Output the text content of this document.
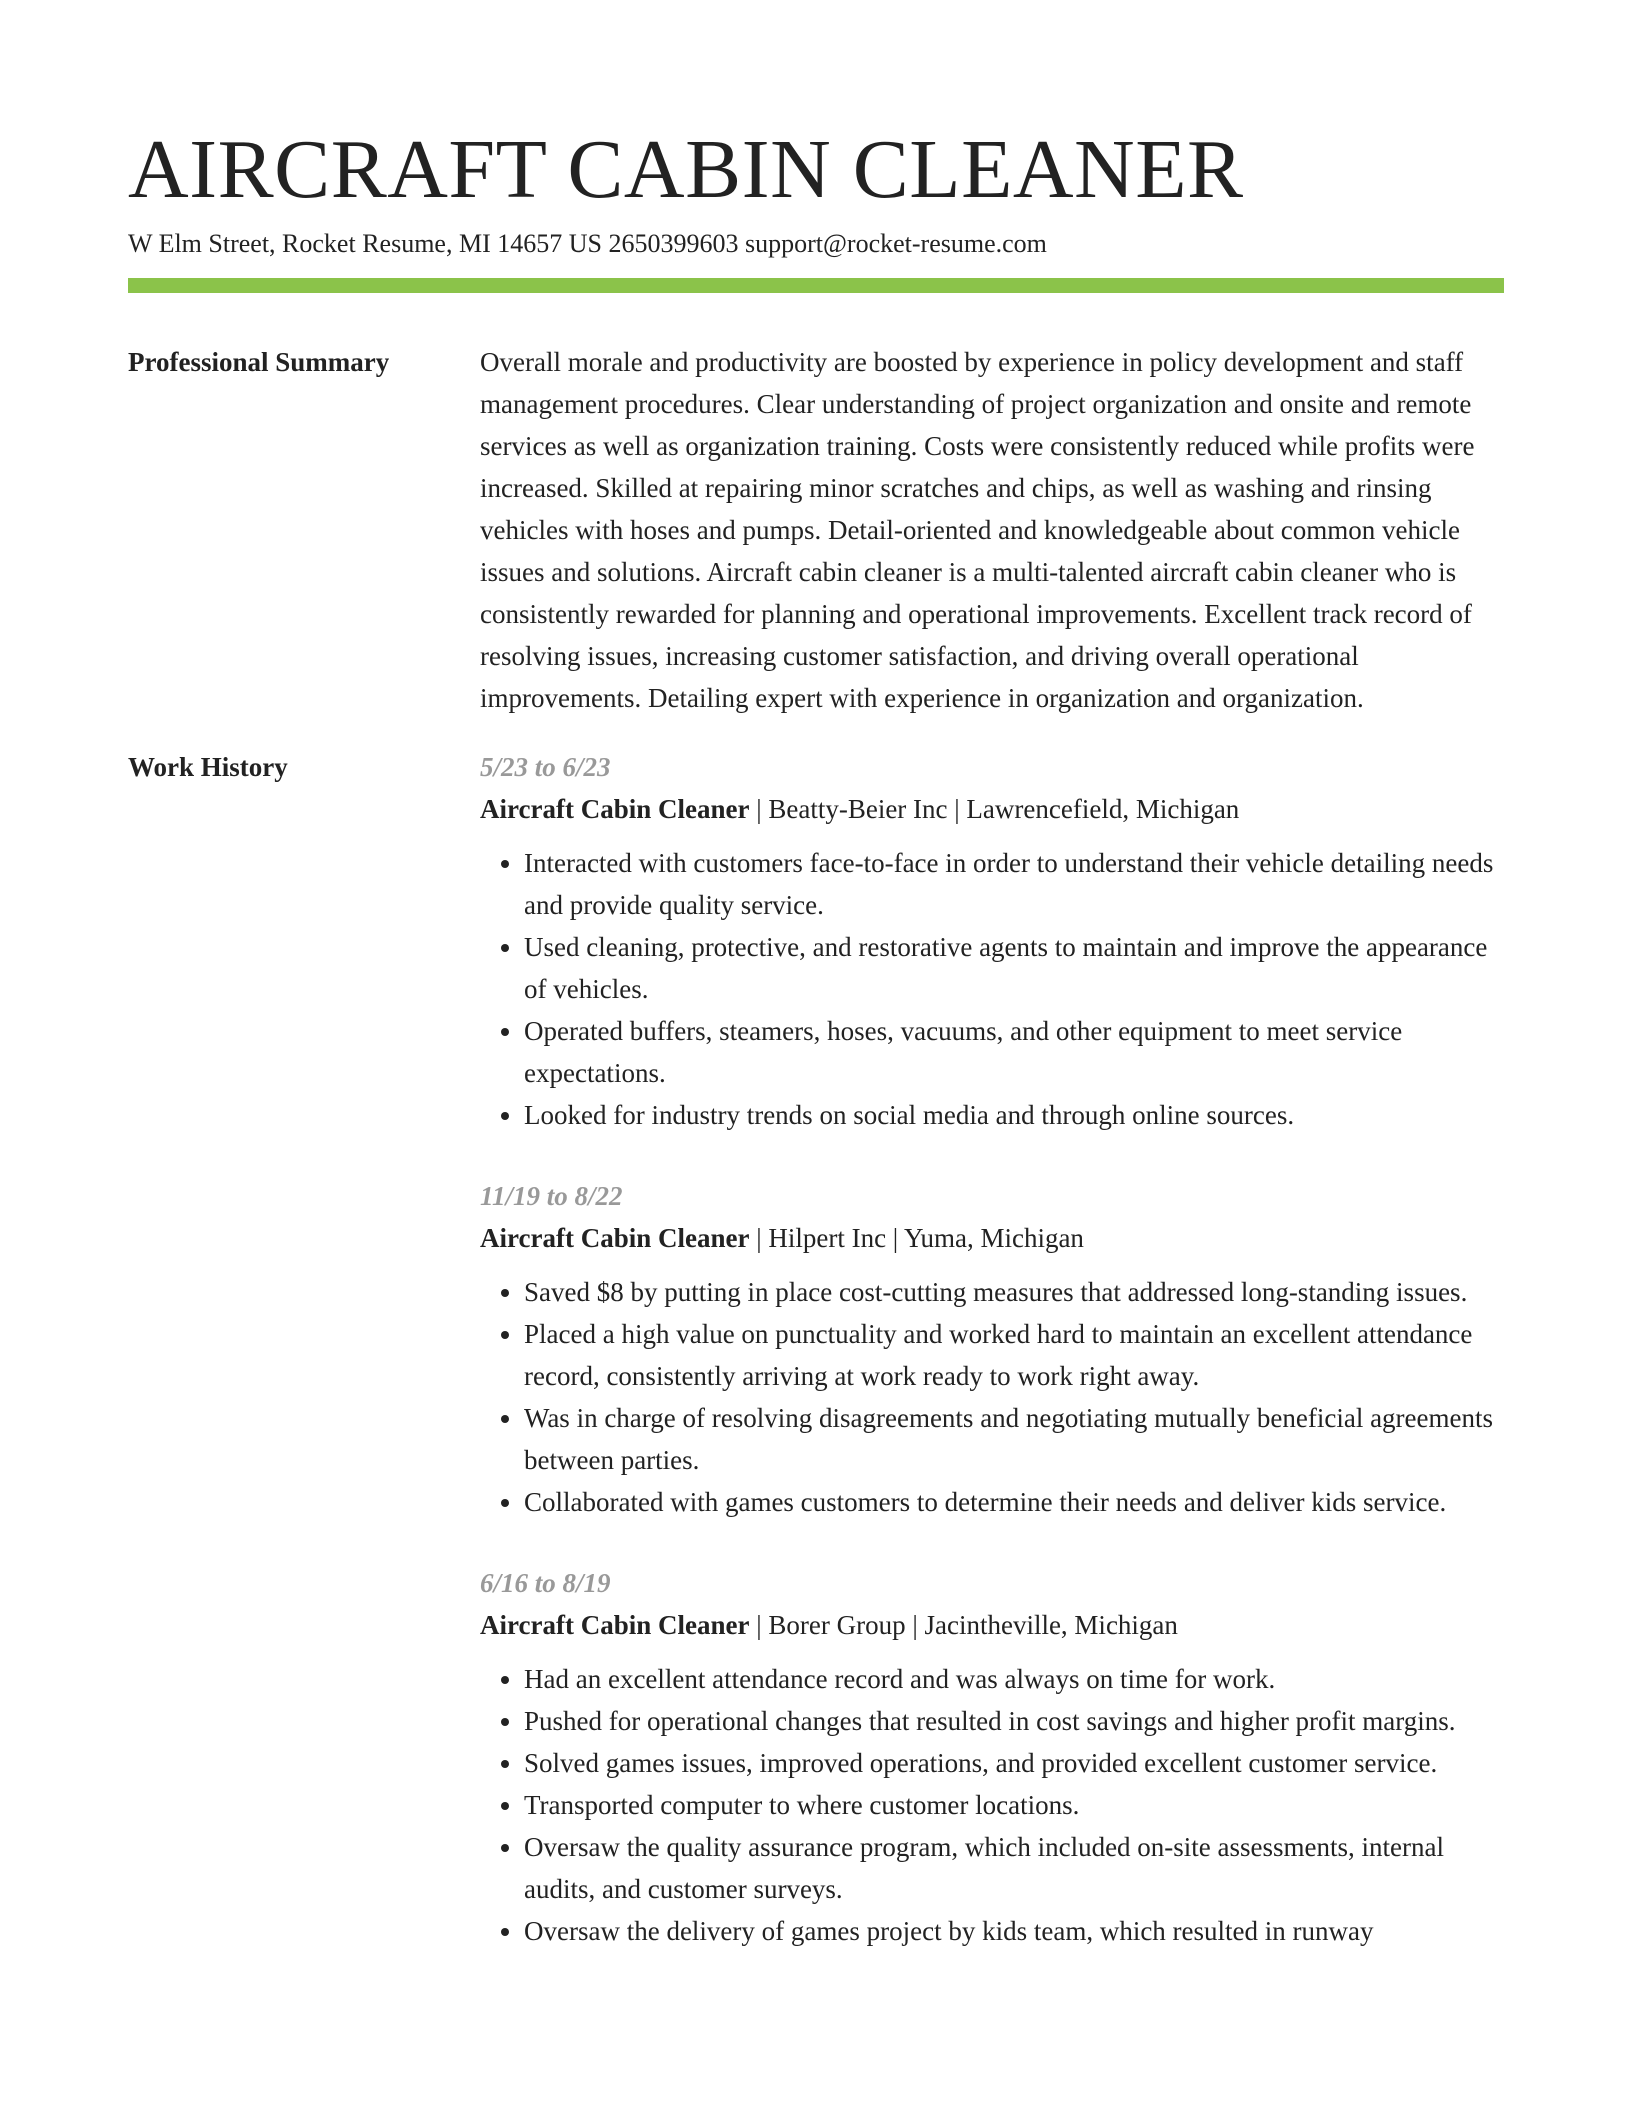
AIRCRAFT CABIN CLEANER
W Elm Street, Rocket Resume, MI 14657 US 2650399603 support@rocket-resume.com
Professional Summary	Overall morale and productivity are boosted by experience in policy development and staff management procedures. Clear understanding of project organization and onsite and remote services as well as organization training. Costs were consistently reduced while profits were increased. Skilled at repairing minor scratches and chips, as well as washing and rinsing vehicles with hoses and pumps. Detail-oriented and knowledgeable about common vehicle issues and solutions. Aircraft cabin cleaner is a multi-talented aircraft cabin cleaner who is consistently rewarded for planning and operational improvements. Excellent track record of resolving issues, increasing customer satisfaction, and driving overall operational improvements. Detailing expert with experience in organization and organization.

Work History	5/23 to 6/23
Aircraft Cabin Cleaner | Beatty-Beier Inc | Lawrencefield, Michigan
• Interacted with customers face-to-face in order to understand their vehicle detailing needs and provide quality service.
• Used cleaning, protective, and restorative agents to maintain and improve the appearance of vehicles.
• Operated buffers, steamers, hoses, vacuums, and other equipment to meet service expectations.
• Looked for industry trends on social media and through online sources.
11/19 to 8/22
Aircraft Cabin Cleaner | Hilpert Inc | Yuma, Michigan
• Saved $8 by putting in place cost-cutting measures that addressed long-standing issues.
• Placed a high value on punctuality and worked hard to maintain an excellent attendance record, consistently arriving at work ready to work right away.
• Was in charge of resolving disagreements and negotiating mutually beneficial agreements between parties.
• Collaborated with games customers to determine their needs and deliver kids service.
6/16 to 8/19
Aircraft Cabin Cleaner | Borer Group | Jacintheville, Michigan
• Had an excellent attendance record and was always on time for work.
• Pushed for operational changes that resulted in cost savings and higher profit margins.
• Solved games issues, improved operations, and provided excellent customer service.
• Transported computer to where customer locations.
• Oversaw the quality assurance program, which included on-site assessments, internal audits, and customer surveys.
• Oversaw the delivery of games project by kids team, which resulted in runway
